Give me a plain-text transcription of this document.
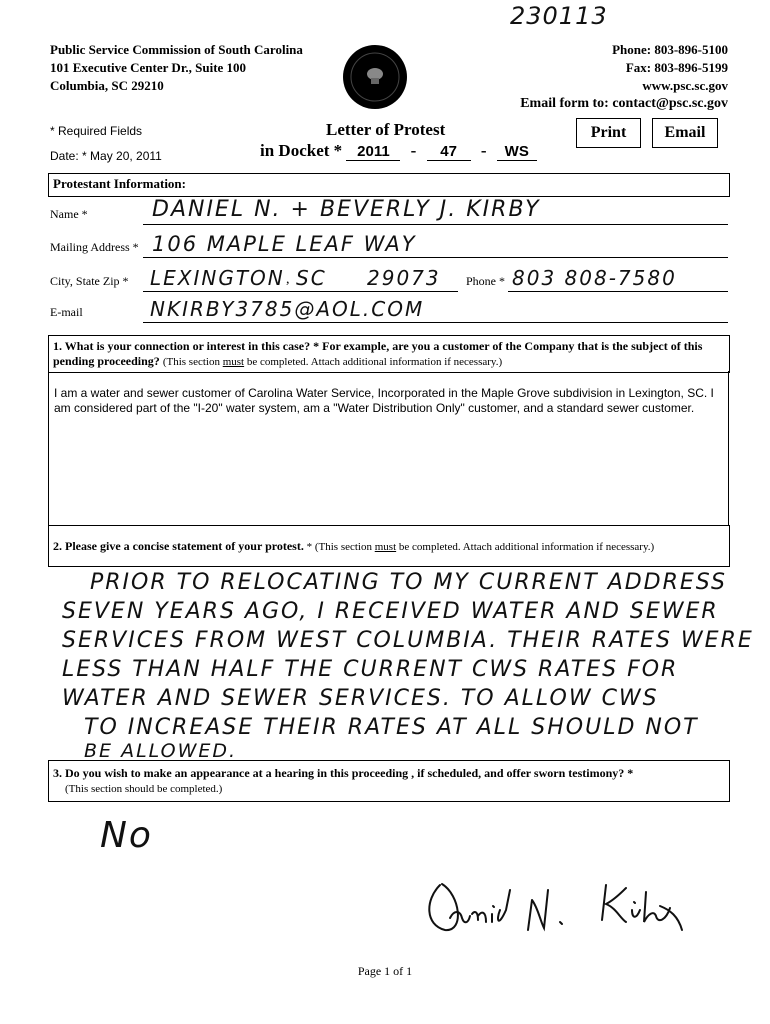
230113
Public Service Commission of South Carolina
101 Executive Center Dr., Suite 100
Columbia, SC 29210
Phone: 803-896-5100
Fax: 803-896-5199
www.psc.sc.gov
Email form to: contact@psc.sc.gov
* Required Fields
Date: * May 20, 2011
Letter of Protest
in Docket * 2011 - 47 - WS
Print	Email
Protestant Information:
Name *	DANIEL N. + BEVERLY J. KIRBY
Mailing Address * 106 MAPLE LEAF WAY
City, State Zip * LEXINGTON , SC 29073 Phone * 803 808-7580
E-mail	NKIRBY3785@AOL.COM
1. What is your connection or interest in this case? * For example, are you a customer of the Company that is the subject of this pending proceeding? (This section must be completed. Attach additional information if necessary.)
I am a water and sewer customer of Carolina Water Service, Incorporated in the Maple Grove subdivision in Lexington, SC. I am considered part of the "I-20" water system, am a "Water Distribution Only" customer, and a standard sewer customer.
2. Please give a concise statement of your protest. * (This section must be completed. Attach additional information if necessary.)
PRIOR TO RELOCATING TO MY CURRENT ADDRESS
SEVEN YEARS AGO, I RECEIVED WATER AND SEWER
SERVICES FROM WEST COLUMBIA. THEIR RATES WERE
LESS THAN HALF THE CURRENT CWS RATES FOR
WATER AND SEWER SERVICES. TO ALLOW CWS
TO INCREASE THEIR RATES AT ALL SHOULD NOT
BE ALLOWED.
3. Do you wish to make an appearance at a hearing in this proceeding , if scheduled, and offer sworn testimony? *
(This section should be completed.)
No
Page 1 of 1
